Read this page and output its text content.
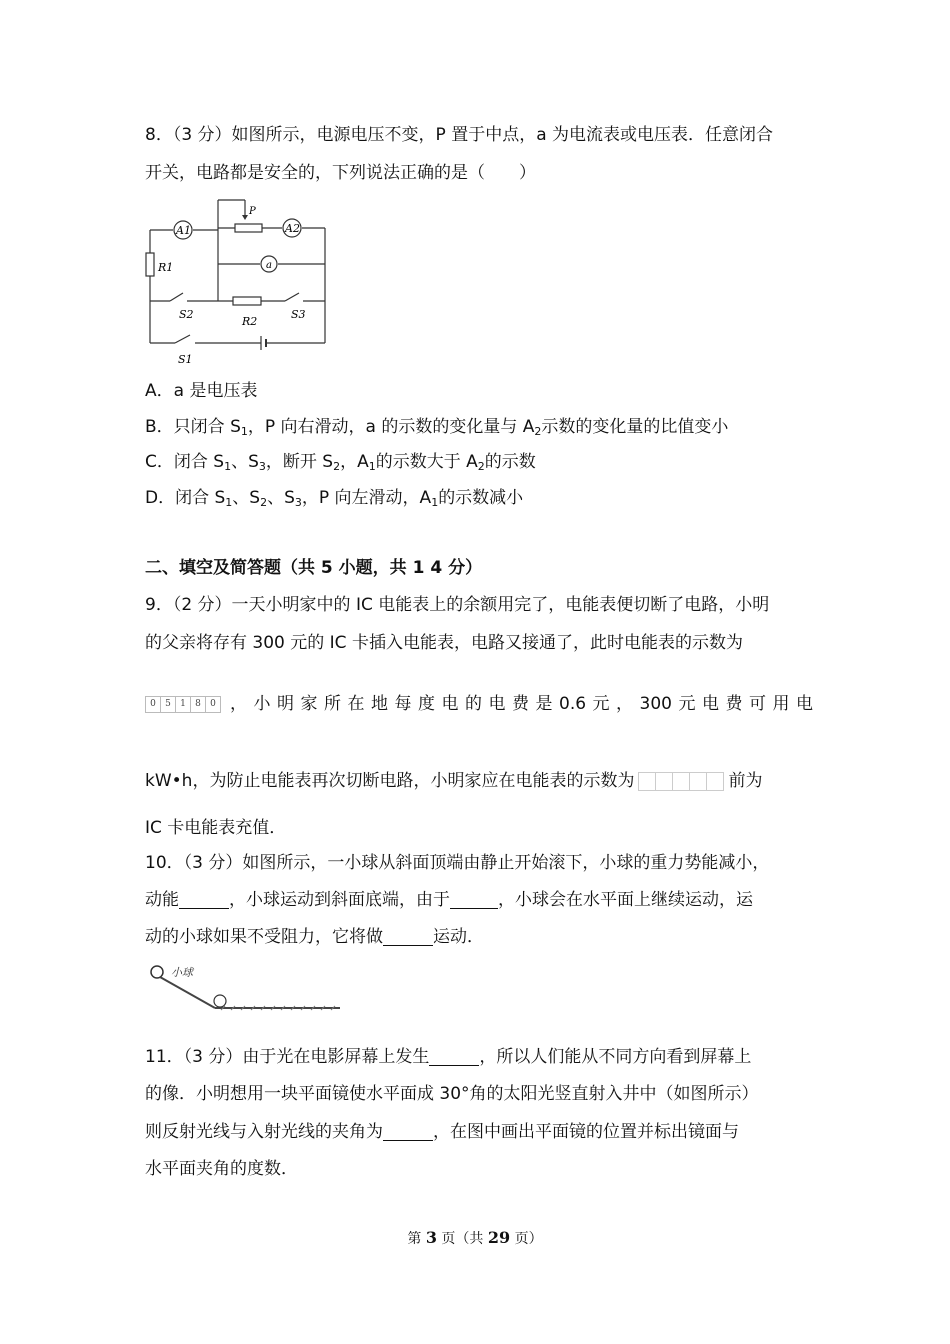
8．（3 分）如图所示，电源电压不变，P 置于中点，a 为电流表或电压表．任意闭合
开关，电路都是安全的，下列说法正确的是（　　）
A1	A2
a
P
R1
R2
S2	S3
S1
A．a 是电压表
B．只闭合 $S_1$，P 向右滑动，a 的示数的变化量与 $A_2$示数的变化量的比值变小
C．闭合 $S_1$、$S_3$，断开 $S_2$，$A_1$的示数大于 $A_2$的示数
D．闭合 $S_1$、$S_2$、$S_3$，P 向左滑动，$A_1$的示数减小
二、填空及简答题（共 5 小题，共 1 4 分）
9．（2 分）一天小明家中的 IC 电能表上的余额用完了，电能表便切断了电路，小明
的父亲将存有 300 元的 IC 卡插入电能表，电路又接通了，此时电能表的示数为
0	5	1	8	0 ， 小 明 家 所 在 地 每 度 电 的 电 费 是 0.6 元 ， 300 元 电 费 可 用 电
kW•h，为防止电能表再次切断电路，小明家应在电能表的示数为	前为
IC 卡电能表充值．
10．（3 分）如图所示，一小球从斜面顶端由静止开始滚下，小球的重力势能减小，
动能	，小球运动到斜面底端，由于	，小球会在水平面上继续运动，运
动的小球如果不受阻力，它将做	运动．
小球
11．（3 分）由于光在电影屏幕上发生	，所以人们能从不同方向看到屏幕上
的像．小明想用一块平面镜使水平面成 30°角的太阳光竖直射入井中（如图所示）
则反射光线与入射光线的夹角为	，在图中画出平面镜的位置并标出镜面与
水平面夹角的度数．
第 3 页（共 29 页）
